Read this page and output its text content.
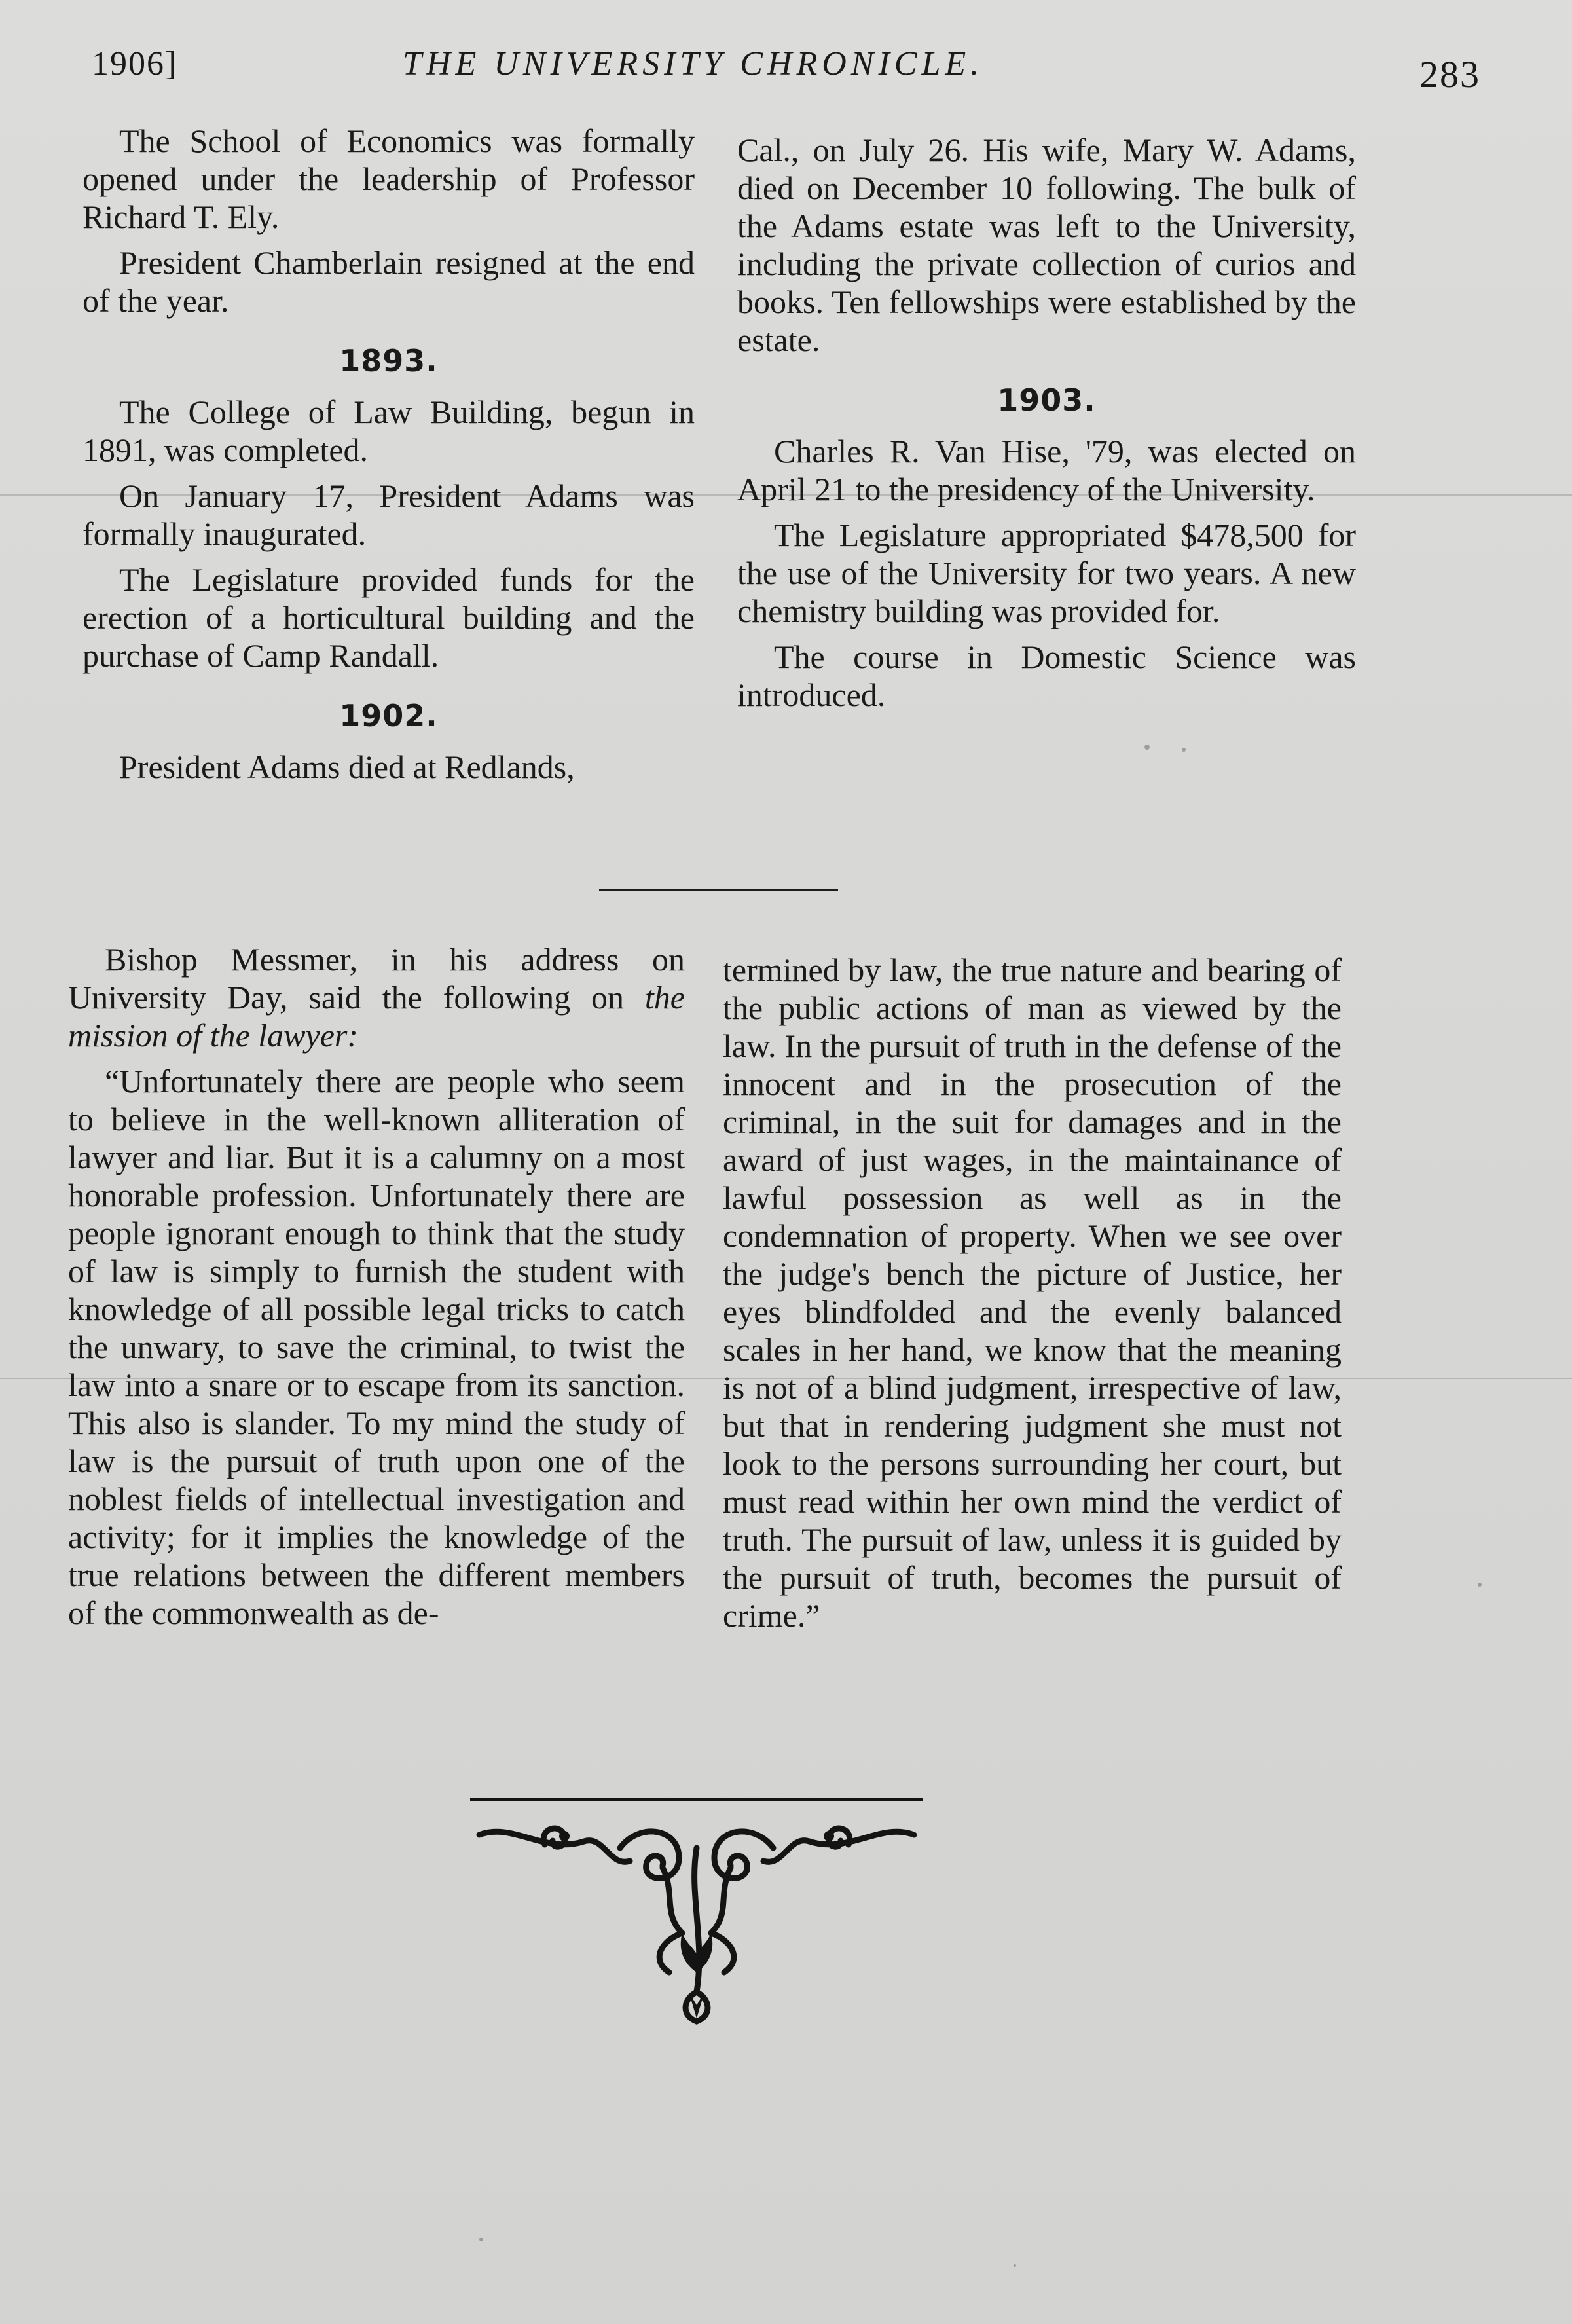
1906]	THE UNIVERSITY CHRONICLE.	283

The School of Economics was formally opened under the leadership of Professor Richard T. Ely.

President Chamberlain resigned at the end of the year.

1893.

The College of Law Building, begun in 1891, was completed.

On January 17, President Adams was formally inaugurated.

The Legislature provided funds for the erection of a horticultural building and the purchase of Camp Randall.

1902.

President Adams died at Redlands,

Cal., on July 26. His wife, Mary W. Adams, died on December 10 following. The bulk of the Adams estate was left to the University, including the private collection of curios and books. Ten fellowships were established by the estate.

1903.

Charles R. Van Hise, '79, was elected on April 21 to the presidency of the University.

The Legislature appropriated $478,500 for the use of the University for two years. A new chemistry building was provided for.

The course in Domestic Science was introduced.

Bishop Messmer, in his address on University Day, said the following on the mission of the lawyer:

“Unfortunately there are people who seem to believe in the well-known alliteration of lawyer and liar. But it is a calumny on a most honorable profession. Unfortunately there are people ignorant enough to think that the study of law is simply to furnish the student with knowledge of all possible legal tricks to catch the unwary, to save the criminal, to twist the law into a snare or to escape from its sanction. This also is slander. To my mind the study of law is the pursuit of truth upon one of the noblest fields of intellectual investigation and activity; for it implies the knowledge of the true relations between the different members of the commonwealth as de-

termined by law, the true nature and bearing of the public actions of man as viewed by the law. In the pursuit of truth in the defense of the innocent and in the prosecution of the criminal, in the suit for damages and in the award of just wages, in the maintainance of lawful possession as well as in the condemnation of property. When we see over the judge's bench the picture of Justice, her eyes blindfolded and the evenly balanced scales in her hand, we know that the meaning is not of a blind judgment, irrespective of law, but that in rendering judgment she must not look to the persons surrounding her court, but must read within her own mind the verdict of truth. The pursuit of law, unless it is guided by the pursuit of truth, becomes the pursuit of crime.”
